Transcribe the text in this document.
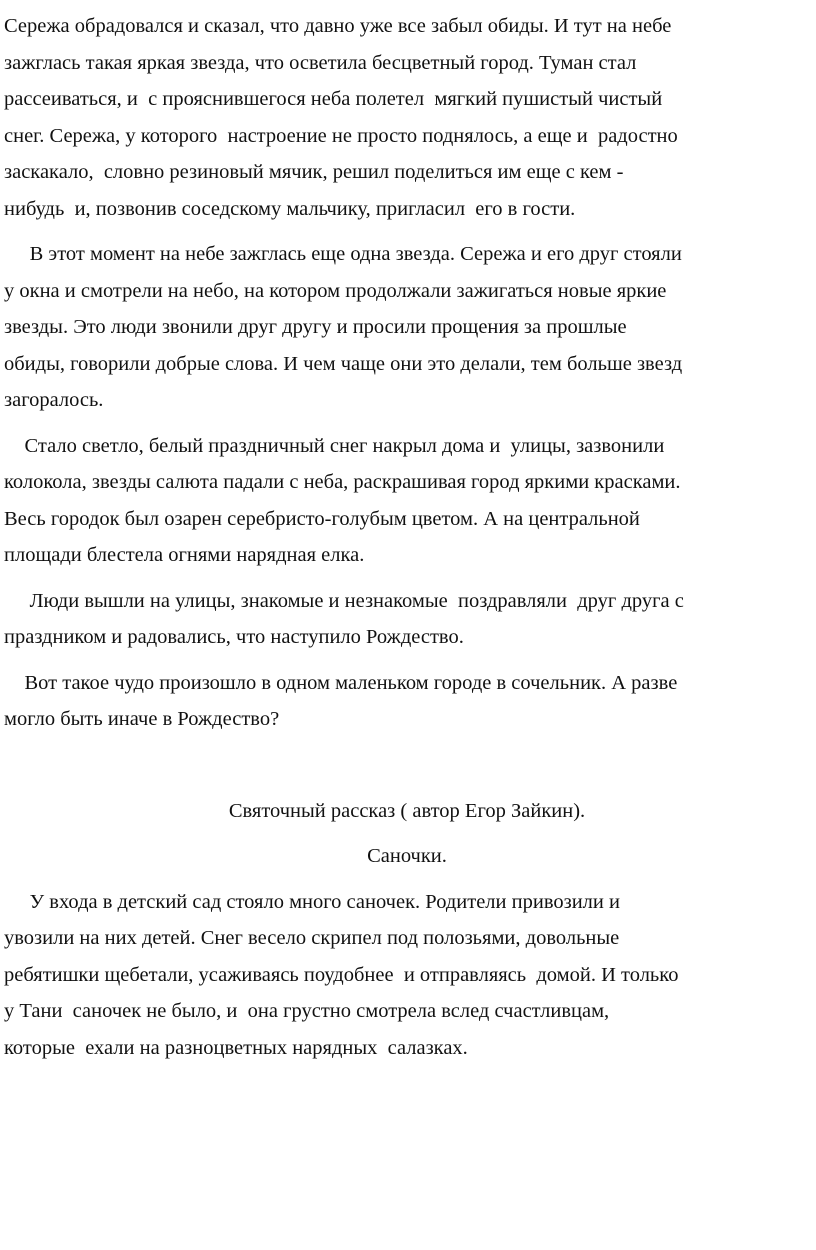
Сережа обрадовался и сказал, что давно уже все забыл обиды. И тут на небе
зажглась такая яркая звезда, что осветила бесцветный город. Туман стал
рассеиваться, и  с прояснившегося неба полетел  мягкий пушистый чистый
снег. Сережа, у которого  настроение не просто поднялось, а еще и  радостно
заскакало,  словно резиновый мячик, решил поделиться им еще с кем -
нибудь  и, позвонив соседскому мальчику, пригласил  его в гости.

В этот момент на небе зажглась еще одна звезда. Сережа и его друг стояли
у окна и смотрели на небо, на котором продолжали зажигаться новые яркие
звезды. Это люди звонили друг другу и просили прощения за прошлые
обиды, говорили добрые слова. И чем чаще они это делали, тем больше звезд
загоралось.

Стало светло, белый праздничный снег накрыл дома и  улицы, зазвонили
колокола, звезды салюта падали с неба, раскрашивая город яркими красками.
Весь городок был озарен серебристо-голубым цветом. А на центральной
площади блестела огнями нарядная елка.

Люди вышли на улицы, знакомые и незнакомые  поздравляли  друг друга с
праздником и радовались, что наступило Рождество.

Вот такое чудо произошло в одном маленьком городе в сочельник. А разве
могло быть иначе в Рождество?

Святочный рассказ ( автор Егор Зайкин).

Саночки.

У входа в детский сад стояло много саночек. Родители привозили и
увозили на них детей. Снег весело скрипел под полозьями, довольные
ребятишки щебетали, усаживаясь поудобнее  и отправляясь  домой. И только
у Тани  саночек не было, и  она грустно смотрела вслед счастливцам,
которые  ехали на разноцветных нарядных  салазках.
